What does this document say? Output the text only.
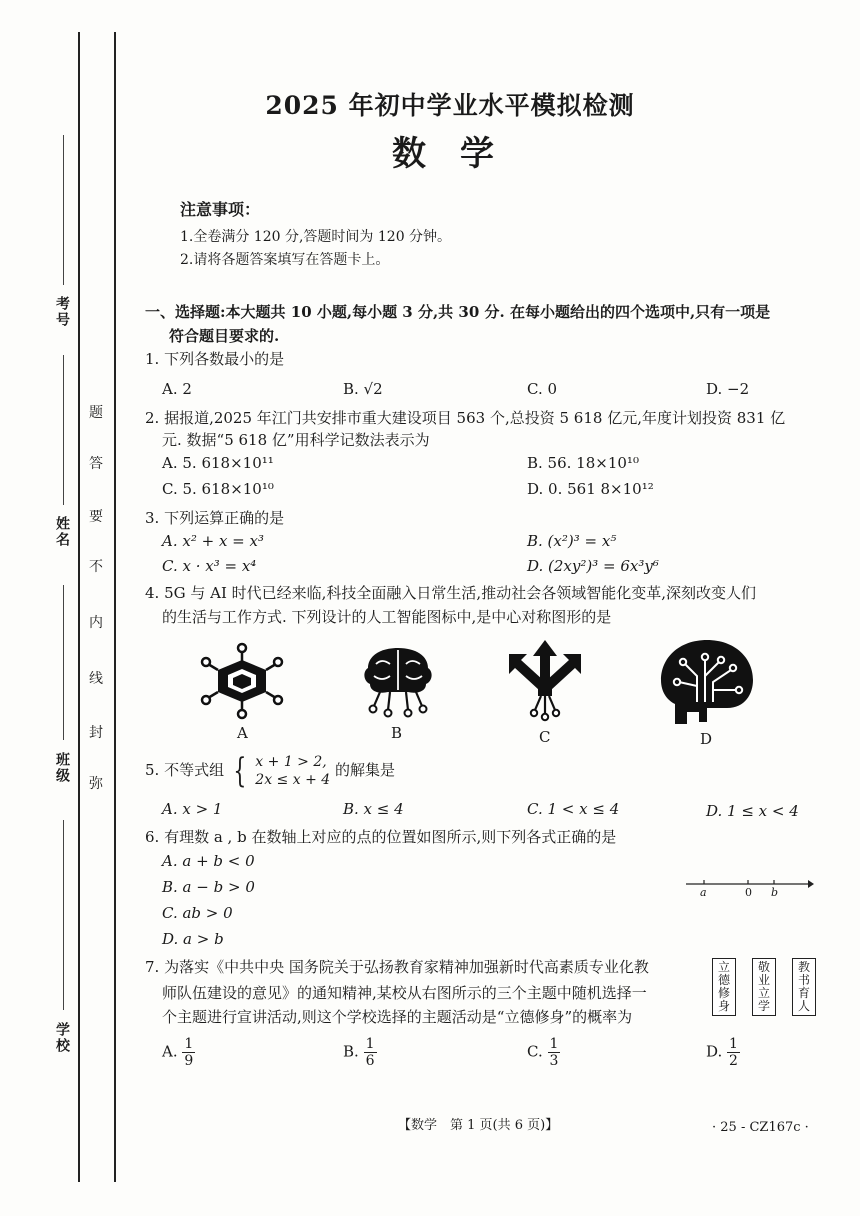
考号
姓名
班级
学校
题
答
要
不
内
线
封
弥
2025 年初中学业水平模拟检测
数学
注意事项：
1.全卷满分 120 分,答题时间为 120 分钟。
2.请将各题答案填写在答题卡上。
一、选择题:本大题共 10 小题,每小题 3 分,共 30 分. 在每小题给出的四个选项中,只有一项是
符合题目要求的.
1. 下列各数最小的是
A. 2	B. √2	C. 0	D. −2
2. 据报道,2025 年江门共安排市重大建设项目 563 个,总投资 5 618 亿元,年度计划投资 831 亿
元. 数据“5 618 亿”用科学记数法表示为
A. 5. 618×10¹¹	B. 56. 18×10¹⁰
C. 5. 618×10¹⁰	D. 0. 561 8×10¹²
3. 下列运算正确的是
A. x² + x = x³	B. (x²)³ = x⁵
C. x · x³ = x⁴	D. (2xy²)³ = 6x³y⁶
4. 5G 与 AI 时代已经来临,科技全面融入日常生活,推动社会各领域智能化变革,深刻改变人们
的生活与工作方式. 下列设计的人工智能图标中,是中心对称图形的是
A	B	C	D
5. 不等式组 { x + 1 > 2,
2x ≤ x + 4
的解集是
A. x > 1	B. x ≤ 4	C. 1 < x ≤ 4	D. 1 ≤ x < 4
6. 有理数 a , b 在数轴上对应的点的位置如图所示,则下列各式正确的是
A. a + b < 0
B. a − b > 0
C. ab > 0
D. a > b
a	0 b
7. 为落实《中共中央 国务院关于弘扬教育家精神加强新时代高素质专业化教
师队伍建设的意见》的通知精神,某校从右图所示的三个主题中随机选择一
个主题进行宣讲活动,则这个学校选择的主题活动是“立德修身”的概率为
立德修身
敬业立学
教书育人
A. $\frac{1}{9}$	B. $\frac{1}{6}$	C. $\frac{1}{3}$	D. $\frac{1}{2}$
【数学　第 1 页(共 6 页)】	· 25 - CZ167c ·
